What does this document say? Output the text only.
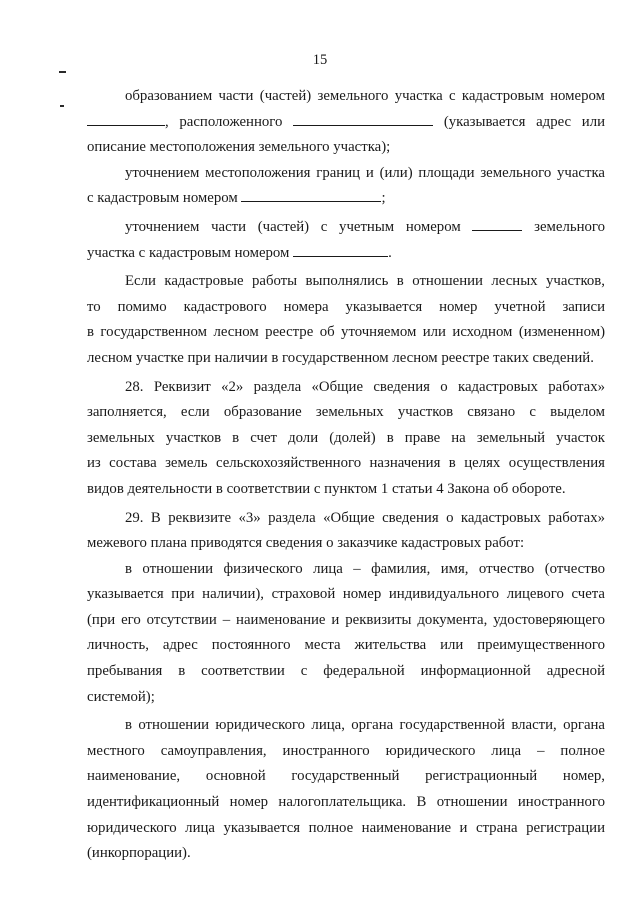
15
образованием части (частей) земельного участка с кадастровым номером
, расположенного	(указывается адрес или
описание местоположения земельного участка);
уточнением местоположения границ и (или) площади земельного участка
с кадастровым номером	;
уточнением части (частей) с учетным номером	земельного
участка с кадастровым номером	.
Если кадастровые работы выполнялись в отношении лесных участков,
то помимо кадастрового номера указывается номер учетной записи
в государственном лесном реестре об уточняемом или исходном (измененном)
лесном участке при наличии в государственном лесном реестре таких сведений.
28. Реквизит «2» раздела «Общие сведения о кадастровых работах»
заполняется, если образование земельных участков связано с выделом
земельных участков в счет доли (долей) в праве на земельный участок
из состава земель сельскохозяйственного назначения в целях осуществления
видов деятельности в соответствии с пунктом 1 статьи 4 Закона об обороте.
29. В реквизите «3» раздела «Общие сведения о кадастровых работах»
межевого плана приводятся сведения о заказчике кадастровых работ:
в отношении физического лица – фамилия, имя, отчество (отчество
указывается при наличии), страховой номер индивидуального лицевого счета
(при его отсутствии – наименование и реквизиты документа, удостоверяющего
личность, адрес постоянного места жительства или преимущественного
пребывания в соответствии с федеральной информационной адресной
системой);
в отношении юридического лица, органа государственной власти, органа
местного самоуправления, иностранного юридического лица – полное
наименование, основной государственный регистрационный номер,
идентификационный номер налогоплательщика. В отношении иностранного
юридического лица указывается полное наименование и страна регистрации
(инкорпорации).
